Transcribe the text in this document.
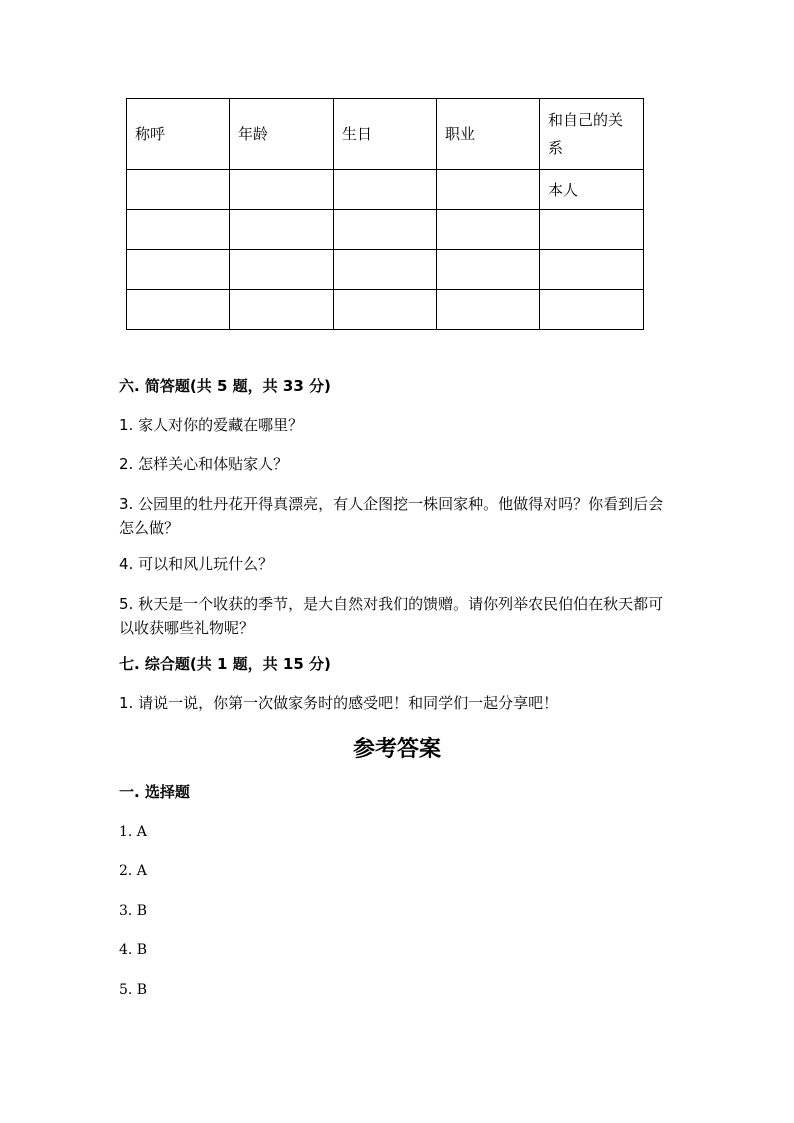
称呼	年龄	生日	职业	和自己的关系
				本人

六. 简答题(共 5 题，共 33 分)
1. 家人对你的爱藏在哪里？
2. 怎样关心和体贴家人？
3. 公园里的牡丹花开得真漂亮，有人企图挖一株回家种。他做得对吗？你看到后会怎么做？
4. 可以和风儿玩什么？
5. 秋天是一个收获的季节，是大自然对我们的馈赠。请你列举农民伯伯在秋天都可以收获哪些礼物呢？
七. 综合题(共 1 题，共 15 分)
1. 请说一说，你第一次做家务时的感受吧！和同学们一起分享吧！
参考答案
一. 选择题
1. A
2. A
3. B
4. B
5. B
